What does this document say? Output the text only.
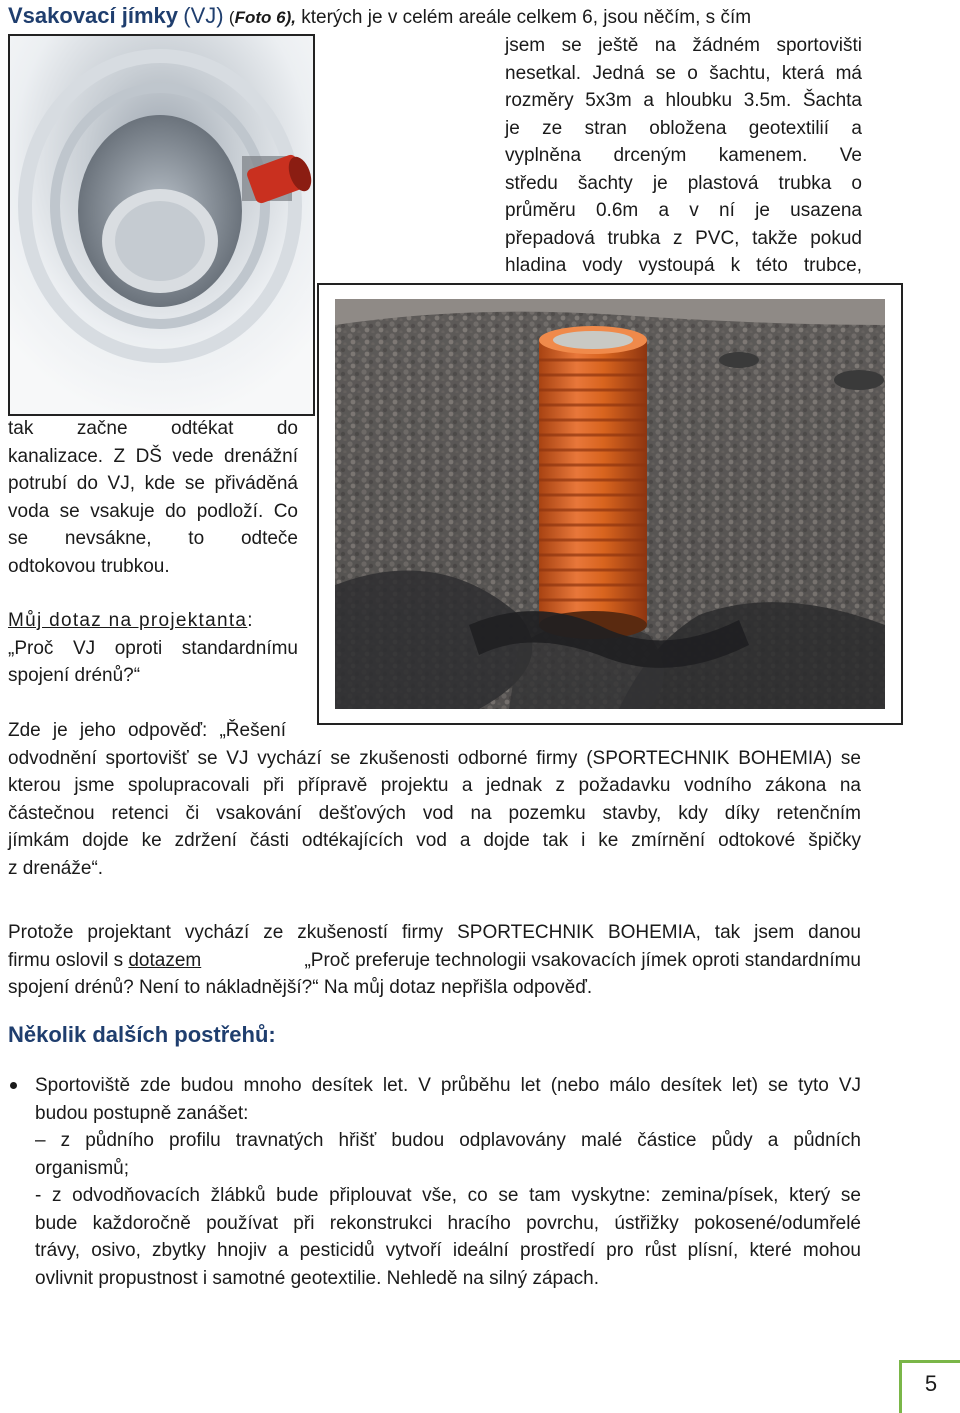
Vsakovací jímky (VJ) (Foto 6), kterých je v celém areále celkem 6, jsou něčím, s čím
jsem se ještě na žádném sportovišti
nesetkal. Jedná se o šachtu, která má
rozměry 5x3m a hloubku 3.5m. Šachta
je ze stran obložena geotextilií a
vyplněna drceným kamenem. Ve
středu šachty je plastová trubka o
průměru 0.6m a v ní je usazena
přepadová trubka z PVC, takže pokud
hladina vody vystoupá k této trubce,
tak začne odtékat do
kanalizace. Z DŠ vede drenážní
potrubí do VJ, kde se přiváděná
voda se vsakuje do podloží. Co
se nevsákne, to odteče
odtokovou trubkou.
Můj dotaz na projektanta:
„Proč VJ oproti standardnímu
spojení drénů?“
Zde je jeho odpověď: „Řešení
odvodnění sportovišť se VJ vychází se zkušenosti odborné firmy (SPORTECHNIK BOHEMIA) se
kterou jsme spolupracovali při přípravě projektu a jednak z požadavku vodního zákona na
částečnou retenci či vsakování dešťových vod na pozemku stavby, kdy díky retenčním
jímkám dojde ke zdržení části odtékajících vod a dojde tak i ke zmírnění odtokové špičky
z drenáže“.
Protože projektant vychází ze zkušeností firmy SPORTECHNIK BOHEMIA, tak jsem danou
firmu oslovil s dotazem	„Proč preferuje technologii vsakovacích jímek oproti standardnímu
spojení drénů? Není to nákladnější?“ Na můj dotaz nepřišla odpověď.
Několik dalších postřehů:
Sportoviště zde budou mnoho desítek let. V průběhu let (nebo málo desítek let) se tyto VJ
budou postupně zanášet:
– z půdního profilu travnatých hřišť budou odplavovány malé částice půdy a půdních
organismů;
- z odvodňovacích žlábků bude připlouvat vše, co se tam vyskytne: zemina/písek, který se
bude každoročně používat při rekonstrukci hracího povrchu, ústřižky pokosené/odumřelé
trávy, osivo, zbytky hnojiv a pesticidů vytvoří ideální prostředí pro růst plísní, které mohou
ovlivnit propustnost i samotné geotextilie. Nehledě na silný zápach.
5
